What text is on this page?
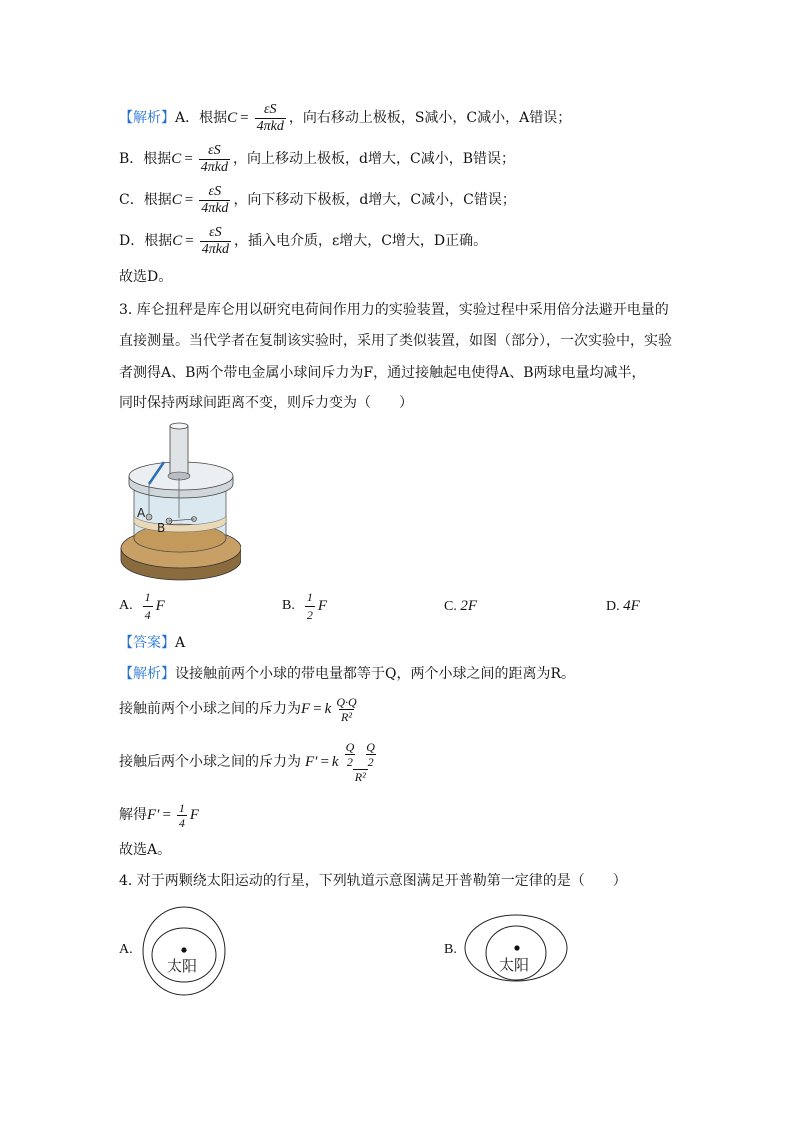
【解析】 A．根据 $C = \frac{\varepsilon S}{\text{4πkd}}$ ，向右移动上极板，S减小，C减小，A错误；
B．根据 $C = \frac{\varepsilon S}{\text{4πkd}}$ ，向上移动上极板，d增大，C减小，B错误；
C．根据 $C = \frac{\varepsilon S}{\text{4πkd}}$ ，向下移动下极板，d增大，C减小，C错误；
D．根据 $C = \frac{\varepsilon S}{\text{4πkd}}$ ，插入电介质，ε增大，C增大，D正确。
故选D。
3. 库仑扭秤是库仑用以研究电荷间作用力的实验装置，实验过程中采用倍分法避开电量的
直接测量。当代学者在复制该实验时，采用了类似装置，如图（部分），一次实验中，实验
者测得A、B两个带电金属小球间斥力为F，通过接触起电使得A、B两球电量均减半，
同时保持两球间距离不变，则斥力变为（　　）
A
B
A. $\frac{1}{4}$ F	B. $\frac{1}{2}$ F	C.
2F	D.
4F
【答案】 A
【解析】 设接触前两个小球的带电量都等于Q，两个小球之间的距离为R。
接触前两个小球之间的斥力为 F = k $\frac{Q\cdot Q}{\text{R²}}$
接触后两个小球之间的斥力为 F′ = k $\frac{\frac{Q}{2} \frac{Q}{2}}{\text{R²}}$
解得 $F' = \frac{1}{4}$ F
故选A。
4. 对于两颗绕太阳运动的行星，下列轨道示意图满足开普勒第一定律的是（　　）
A.
太阳
B.
太阳
